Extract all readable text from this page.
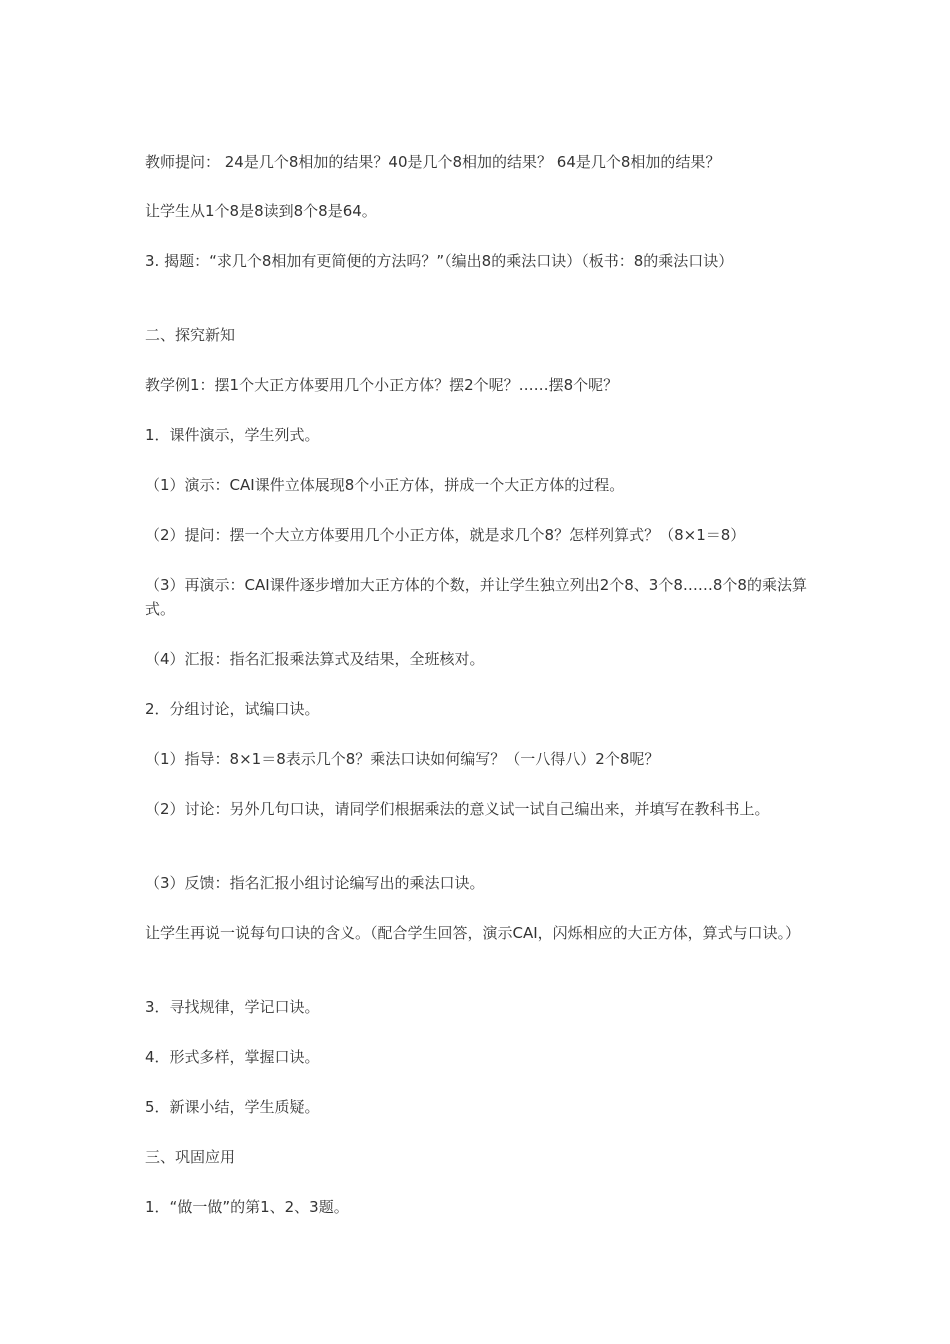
教师提问： 24是几个8相加的结果？40是几个8相加的结果？ 64是几个8相加的结果？

让学生从1个8是8读到8个8是64。

3. 揭题：“求几个8相加有更简便的方法吗？”（编出8的乘法口诀）（板书：8的乘法口诀）

二、探究新知

教学例1：摆1个大正方体要用几个小正方体？摆2个呢？……摆8个呢？

1．课件演示，学生列式。

（1）演示：CAI课件立体展现8个小正方体，拼成一个大正方体的过程。

（2）提问：摆一个大立方体要用几个小正方体，就是求几个8？怎样列算式？（8×1＝8）

（3）再演示：CAI课件逐步增加大正方体的个数，并让学生独立列出2个8、3个8……8个8的乘法算式。

（4）汇报：指名汇报乘法算式及结果，全班核对。

2．分组讨论，试编口诀。

（1）指导：8×1＝8表示几个8？乘法口诀如何编写？（一八得八）2个8呢？

（2）讨论：另外几句口诀，请同学们根据乘法的意义试一试自己编出来，并填写在教科书上。

（3）反馈：指名汇报小组讨论编写出的乘法口诀。

让学生再说一说每句口诀的含义。（配合学生回答，演示CAI，闪烁相应的大正方体，算式与口诀。）

3．寻找规律，学记口诀。

4．形式多样，掌握口诀。

5．新课小结，学生质疑。

三、巩固应用

1．“做一做”的第1、2、3题。
